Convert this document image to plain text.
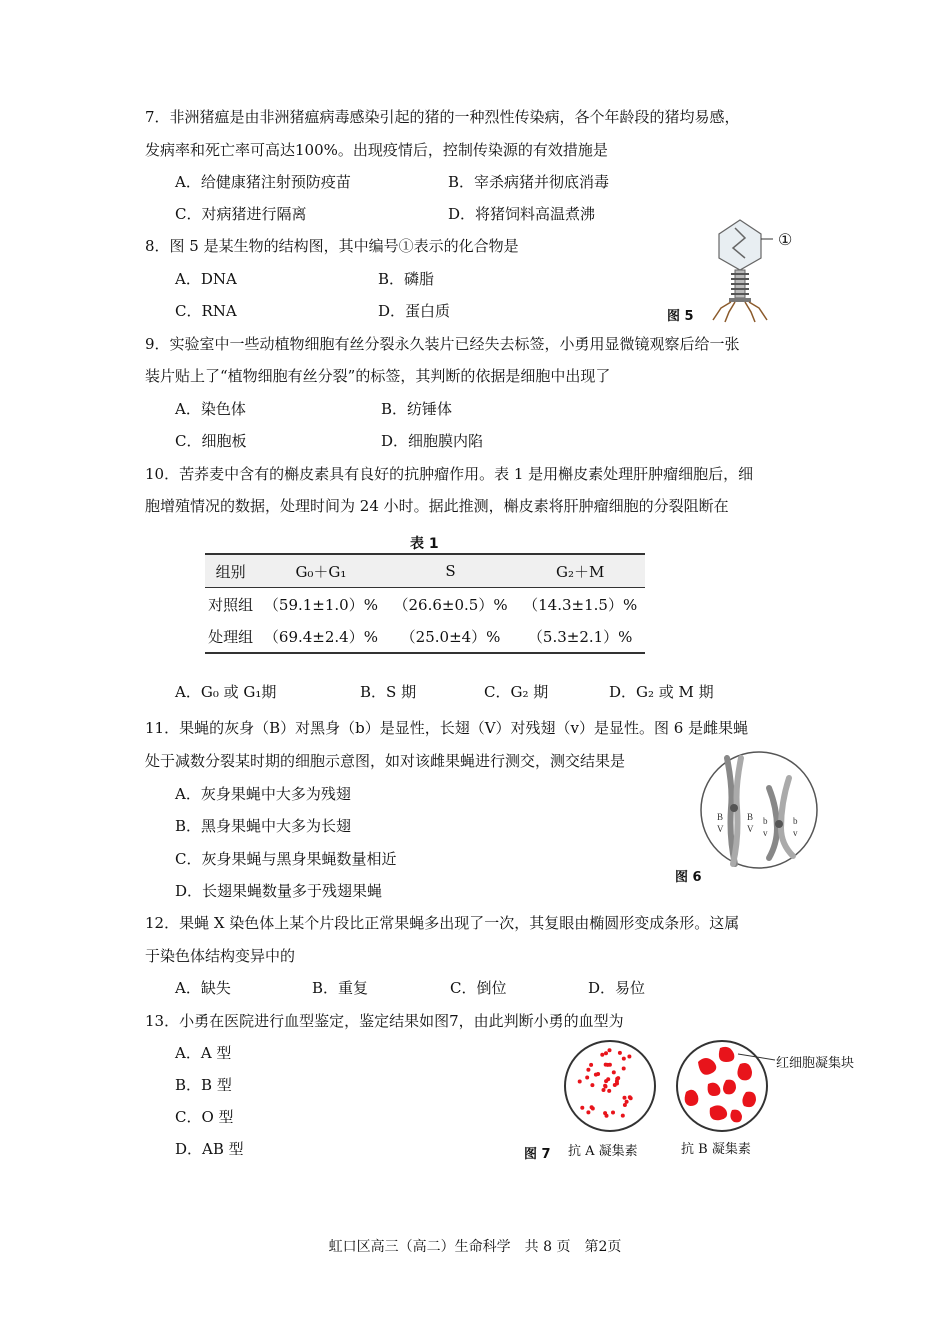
7．非洲猪瘟是由非洲猪瘟病毒感染引起的猪的一种烈性传染病，各个年龄段的猪均易感，
发病率和死亡率可高达100%。出现疫情后，控制传染源的有效措施是
A．给健康猪注射预防疫苗	B．宰杀病猪并彻底消毒
C．对病猪进行隔离	D．将猪饲料高温煮沸
8．图 5 是某生物的结构图，其中编号①表示的化合物是
A．DNA	B．磷脂
C．RNA	D．蛋白质
①
图 5
9．实验室中一些动植物细胞有丝分裂永久装片已经失去标签，小勇用显微镜观察后给一张
装片贴上了“植物细胞有丝分裂”的标签，其判断的依据是细胞中出现了
A．染色体	B．纺锤体
C．细胞板	D．细胞膜内陷
10．苦荞麦中含有的槲皮素具有良好的抗肿瘤作用。表 1 是用槲皮素处理肝肿瘤细胞后，细
胞增殖情况的数据，处理时间为 24 小时。据此推测，槲皮素将肝肿瘤细胞的分裂阻断在
表 1
组别	G₀＋G₁	S	G₂＋M
对照组	（59.1±1.0）%	（26.6±0.5）%	（14.3±1.5）%
处理组	（69.4±2.4）%	（25.0±4）%	（5.3±2.1）%
A．G₀ 或 G₁期	B．S 期	C．G₂ 期	D．G₂ 或 M 期
11．果蝇的灰身（B）对黑身（b）是显性，长翅（V）对残翅（v）是显性。图 6 是雌果蝇
处于减数分裂某时期的细胞示意图，如对该雌果蝇进行测交，测交结果是
A．灰身果蝇中大多为残翅
B．黑身果蝇中大多为长翅
C．灰身果蝇与黑身果蝇数量相近
D．长翅果蝇数量多于残翅果蝇
B
V
B
V
b
v
b
v
图 6
12．果蝇 X 染色体上某个片段比正常果蝇多出现了一次，其复眼由椭圆形变成条形。这属
于染色体结构变异中的
A．缺失	B．重复	C．倒位	D．易位
13．小勇在医院进行血型鉴定，鉴定结果如图7，由此判断小勇的血型为
A．A 型
B．B 型
C．O 型
D．AB 型
红细胞凝集块
图 7 抗 A 凝集素	抗 B 凝集素
虹口区高三（高二）生命科学　共 8 页　第2页
